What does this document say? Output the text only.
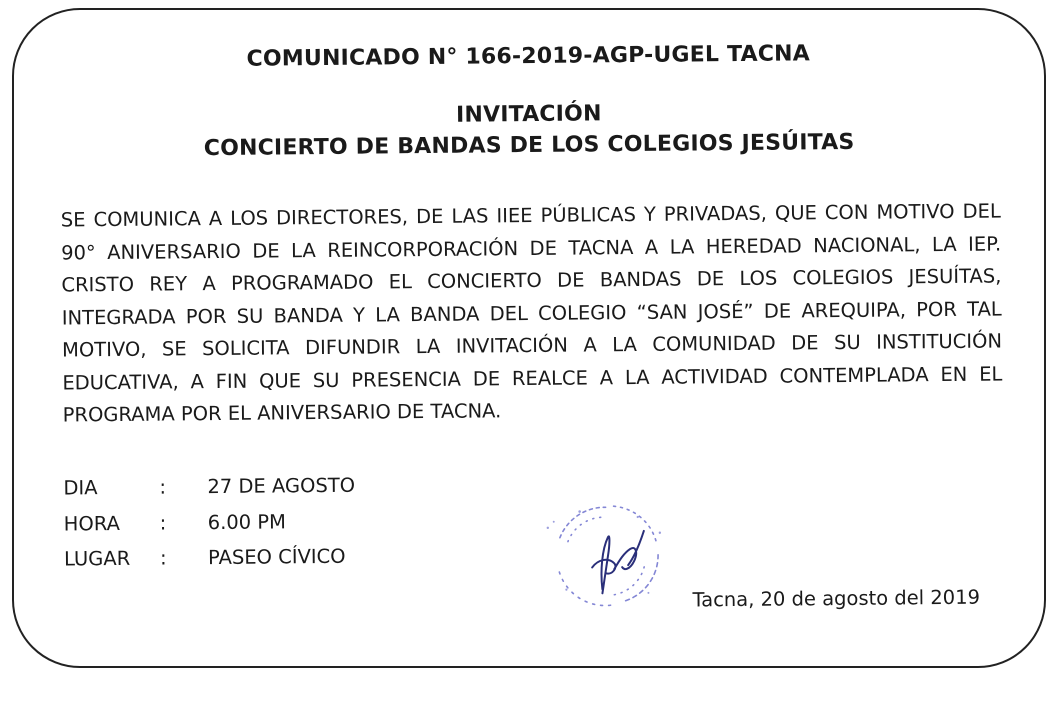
COMUNICADO N° 166-2019-AGP-UGEL TACNA
INVITACIÓN
CONCIERTO DE BANDAS DE LOS COLEGIOS JESÚITAS
SE COMUNICA A LOS DIRECTORES, DE LAS IIEE PÚBLICAS Y PRIVADAS, QUE CON MOTIVO DEL 90° ANIVERSARIO DE LA REINCORPORACIÓN DE TACNA A LA HEREDAD NACIONAL, LA IEP. CRISTO REY A PROGRAMADO EL CONCIERTO DE BANDAS DE LOS COLEGIOS JESUÍTAS, INTEGRADA POR SU BANDA Y LA BANDA DEL COLEGIO “SAN JOSÉ” DE AREQUIPA, POR TAL MOTIVO, SE SOLICITA DIFUNDIR LA INVITACIÓN A LA COMUNIDAD DE SU INSTITUCIÓN EDUCATIVA, A FIN QUE SU PRESENCIA DE REALCE A LA ACTIVIDAD CONTEMPLADA EN EL PROGRAMA POR EL ANIVERSARIO DE TACNA.
DIA	: 27 DE AGOSTO
HORA : 6.00 PM
LUGAR : PASEO CÍVICO
Tacna, 20 de agosto del 2019
